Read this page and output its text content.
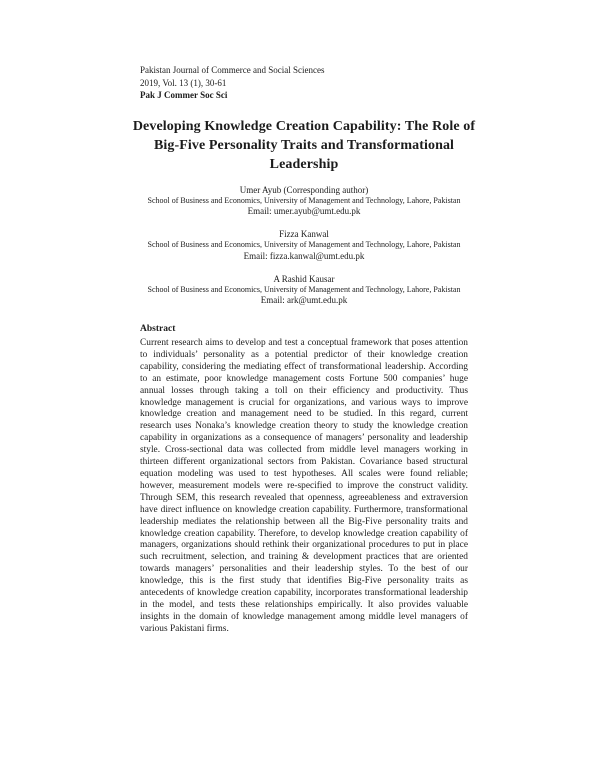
Pakistan Journal of Commerce and Social Sciences
2019, Vol. 13 (1), 30-61
Pak J Commer Soc Sci
Developing Knowledge Creation Capability: The Role of Big-Five Personality Traits and Transformational Leadership
Umer Ayub (Corresponding author)
School of Business and Economics, University of Management and Technology, Lahore, Pakistan
Email: umer.ayub@umt.edu.pk
Fizza Kanwal
School of Business and Economics, University of Management and Technology, Lahore, Pakistan
Email: fizza.kanwal@umt.edu.pk
A Rashid Kausar
School of Business and Economics, University of Management and Technology, Lahore, Pakistan
Email: ark@umt.edu.pk
Abstract
Current research aims to develop and test a conceptual framework that poses attention to individuals’ personality as a potential predictor of their knowledge creation capability, considering the mediating effect of transformational leadership. According to an estimate, poor knowledge management costs Fortune 500 companies’ huge annual losses through taking a toll on their efficiency and productivity. Thus knowledge management is crucial for organizations, and various ways to improve knowledge creation and management need to be studied. In this regard, current research uses Nonaka’s knowledge creation theory to study the knowledge creation capability in organizations as a consequence of managers’ personality and leadership style. Cross-sectional data was collected from middle level managers working in thirteen different organizational sectors from Pakistan. Covariance based structural equation modeling was used to test hypotheses. All scales were found reliable; however, measurement models were re-specified to improve the construct validity. Through SEM, this research revealed that openness, agreeableness and extraversion have direct influence on knowledge creation capability. Furthermore, transformational leadership mediates the relationship between all the Big-Five personality traits and knowledge creation capability. Therefore, to develop knowledge creation capability of managers, organizations should rethink their organizational procedures to put in place such recruitment, selection, and training & development practices that are oriented towards managers’ personalities and their leadership styles. To the best of our knowledge, this is the first study that identifies Big-Five personality traits as antecedents of knowledge creation capability, incorporates transformational leadership in the model, and tests these relationships empirically. It also provides valuable insights in the domain of knowledge management among middle level managers of various Pakistani firms.
